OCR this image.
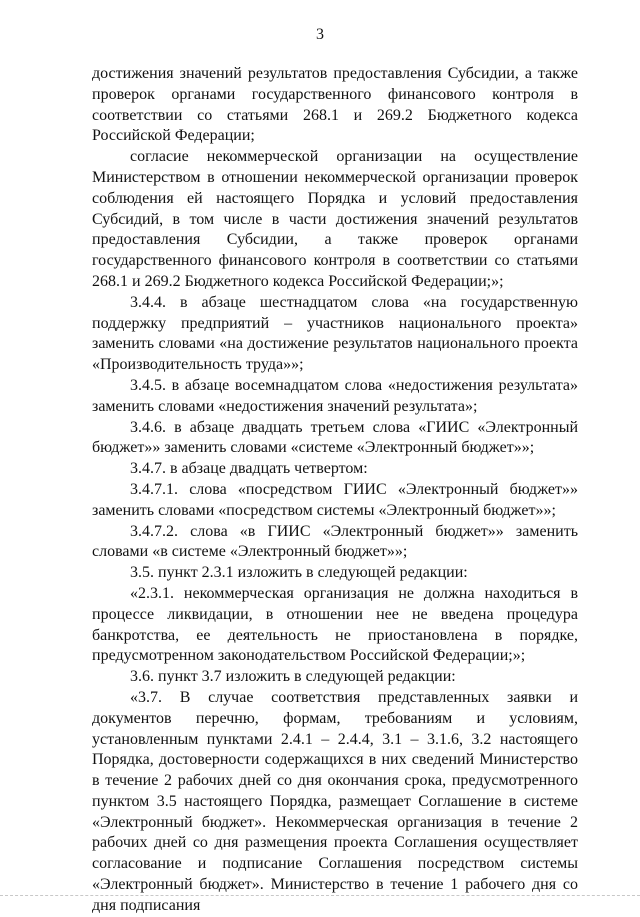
3

достижения значений результатов предоставления Субсидии, а также проверок органами государственного финансового контроля в соответствии со статьями 268.1 и 269.2 Бюджетного кодекса Российской Федерации;

согласие некоммерческой организации на осуществление Министерством в отношении некоммерческой организации проверок соблюдения ей настоящего Порядка и условий предоставления Субсидий, в том числе в части достижения значений результатов предоставления Субсидии, а также проверок органами государственного финансового контроля в соответствии со статьями 268.1 и 269.2 Бюджетного кодекса Российской Федерации;»;

3.4.4. в абзаце шестнадцатом слова «на государственную поддержку предприятий – участников национального проекта» заменить словами «на достижение результатов национального проекта «Производительность труда»»;

3.4.5. в абзаце восемнадцатом слова «недостижения результата» заменить словами «недостижения значений результата»;

3.4.6. в абзаце двадцать третьем слова «ГИИС «Электронный бюджет»» заменить словами «системе «Электронный бюджет»»;

3.4.7. в абзаце двадцать четвертом:

3.4.7.1. слова «посредством ГИИС «Электронный бюджет»» заменить словами «посредством системы «Электронный бюджет»»;

3.4.7.2. слова «в ГИИС «Электронный бюджет»» заменить словами «в системе «Электронный бюджет»»;

3.5. пункт 2.3.1 изложить в следующей редакции:

«2.3.1. некоммерческая организация не должна находиться в процессе ликвидации, в отношении нее не введена процедура банкротства, ее деятельность не приостановлена в порядке, предусмотренном законодательством Российской Федерации;»;

3.6. пункт 3.7 изложить в следующей редакции:

«3.7. В случае соответствия представленных заявки и документов перечню, формам, требованиям и условиям, установленным пунктами 2.4.1 – 2.4.4, 3.1 – 3.1.6, 3.2 настоящего Порядка, достоверности содержащихся в них сведений Министерство в течение 2 рабочих дней со дня окончания срока, предусмотренного пунктом 3.5 настоящего Порядка, размещает Соглашение в системе «Электронный бюджет». Некоммерческая организация в течение 2 рабочих дней со дня размещения проекта Соглашения осуществляет согласование и подписание Соглашения посредством системы «Электронный бюджет». Министерство в течение 1 рабочего дня со дня подписания
